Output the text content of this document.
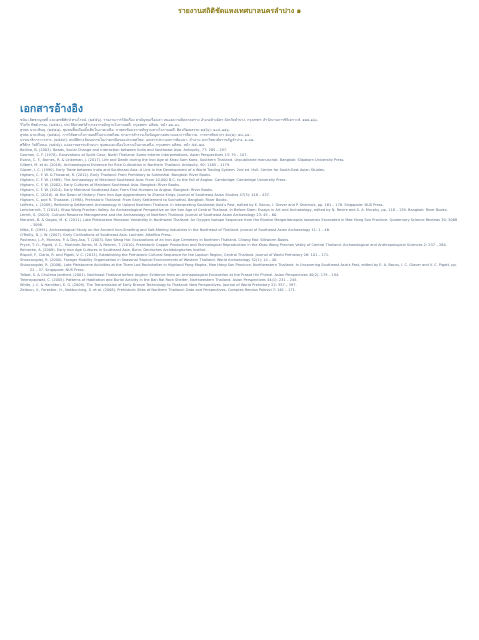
รายงานสถิติชัดแหงเทศบาลนครลำปาง ๑
เอกสารอ้างอิง

ชนัน เลิศชาญฤทธิ์ และเดชพิทักษ์ ทรงโรจน์. (๒๕๕๖). รายงานการวิจัยเรื่อง สามัญชนเรื่องเล่า หนองควายมิคลาดสร่าง อำเภอห้างฉัตร จังหวัดลำปาง. กรุงเทพฯ: สำนักงานการทิวิเคราะห์. ๑๒๒-๑๖๐.

วิไลรัก ทิพย์วรรณ. (๒๕๕๐). ประวัติศาสตร์ลำปางจากหลักฐานโบราณคดี. กรุงเทพฯ: มติชน. หน้า ๑๒–๓๐.

สุรพล นาถะพินธุ. (๒๕๔๗). ชุมชนพื้นเมืองดั้งเดิมในภาคเหนือ: ภาพสะท้อนจากหลักฐานทางโบราณคดี. ศิลปวัฒนธรรม ๒๕(๖): ๑๐๔–๑๑๖.

สุรพล นาถะพินธุ. (๒๕๕๓). การวิจัยทางโบราณคดีในประเทศไทย. ทางการสำรวจเก็บข้อมูลภาคสนามและการตีความ. วารสารศิลปากร ๕๓(๒): ๔๓–๖๔.

บรรณาธิการวารสาร. (๒๕๕๙). สมบัติทางวัฒนธรรมในภาคเหนือของประเทศไทย. เอกสารประกอบการสัมมนา. ลำปาง: มหาวิทยาลัยราชภัฏลำปาง. ๑–๓๒.

ศรีศักร วัลลิโภดม. (๒๕๔๖). แอ่งอารยธรรมล้านนา: ชุมชนและเมืองโบราณในภาคเหนือ. กรุงเทพฯ: มติชน. หน้า ๕๕–๗๘.

Bellina, B. (2003). Beads, Social Change and Interaction between India and Southeast Asia. Antiquity, 77: 285 – 297.

Gorman, C. F. (1970). Excavations at Spirit Cave, North Thailand: Some Interim Interpretations. Asian Perspectives 13: 79 – 107.

Evans, C. F., Barnes, R. & Linkeman, J. (2017). Life and Death during the Iron Age at Khao Sam Kaeo, Southern Thailand. Unpublished manuscript. Bangkok: Silpakorn University Press.

Gilbert, M. et al. (2016). Archaeological Evidence for Rice Cultivation in Northern Thailand. Antiquity, 90: 1165 – 1179.

Glover, I. C. (1990). Early Trade between India and Southeast Asia: A Link in the Development of a World Trading System. 2nd ed. Hull: Centre for South-East Asian Studies.

Higham, C. F. W. & Thosarat, R. (2012). Early Thailand: From Prehistory to Sukhothai. Bangkok: River Books.

Higham, C. F. W. (1989). The Archaeology of Mainland Southeast Asia: From 10,000 B.C. to the Fall of Angkor. Cambridge: Cambridge University Press.

Higham, C. F. W. (2002). Early Cultures of Mainland Southeast Asia. Bangkok: River Books.

Higham, C. F. W. (2014). Early Mainland Southeast Asia: From First Humans to Angkor. Bangkok: River Books.

Higham, C. (2016). At the Dawn of History: From Iron Age Aggrandisers to Zhenla Kings. Journal of Southeast Asian Studies 47(3): 418 – 437.

Higham, C. and R. Thosarat. (1998). Prehistoric Thailand: From Early Settlement to Sukhothai. Bangkok: River Books.

Lefferts, L. (2009). Rethinking Settlement Archaeology in Upland Northern Thailand. In Interpreting Southeast Asia's Past, edited by E. Bacus, I. Glover and P. Sharrock, pp. 161 – 178. Singapore: NUS Press.

Lertcharnrit, T. (2014). Khao Wong Prachan Valley: An Archaeological Perspective on the Iron Age of Central Thailand. In Before Siam: Essays in Art and Archaeology, edited by N. Revire and S. A. Murphy, pp. 118 – 139. Bangkok: River Books.

Lertrit, S. (2003). Cultural Resource Management and the Archaeology of Northern Thailand. Journal of Southeast Asian Archaeology 23: 45 – 60.

Marwick, B. & Gagan, M. K. (2011). Late Pleistocene Monsoon Variability in Northwest Thailand: An Oxygen Isotope Sequence from the Bivalve Margaritanopsis laosensis Excavated in Mae Hong Son Province. Quaternary Science Reviews 30: 3088 – 3098.

Nitta, E. (1991). Archaeological Study on the Ancient Iron-Smelting and Salt-Making Industries in the Northeast of Thailand. Journal of Southeast Asian Archaeology 11: 1 – 46.

O'Reilly, D. J. W. (2007). Early Civilizations of Southeast Asia. Lanham: AltaMira Press.

Pautreau, J.-P., Mornais, P. & Doy-Asa, T. (2003). Ban Wang Hai: Excavations of an Iron Age Cemetery in Northern Thailand. Chiang Mai: Silkworm Books.

Pryce, T. O., Pigott, V. C., Martinón-Torres, M. & Rehren, T. (2010). Prehistoric Copper Production and Technological Reproduction in the Khao Wong Prachan Valley of Central Thailand. Archaeological and Anthropological Sciences 2: 237 – 264.

Reinecke, A. (2009). Early Iron Age Cultures in Southeast Asia. Bonn: Deutsches Archäologisches Institut.

Rispoli, F., Ciarla, R. and Pigott, V. C. (2013). Establishing the Prehistoric Cultural Sequence for the Lopburi Region, Central Thailand. Journal of World Prehistory 26: 101 – 171.

Shoocongdej, R. (2000). Forager Mobility Organization in Seasonal Tropical Environments of Western Thailand. World Archaeology 32(1): 14 – 40.

Shoocongdej, R. (2006). Late Pleistocene Activities at the Tham Lod Rockshelter in Highland Pang Mapha, Mae Hong Son Province, Northwestern Thailand. In Uncovering Southeast Asia's Past, edited by E. A. Bacus, I. C. Glover and V. C. Pigott, pp. 22 – 37. Singapore: NUS Press.

Talbot, S. & Chutima Janthed. (2001). Northeast Thailand before Angkor: Evidence from an Archaeological Excavation at the Prasat Hin Phimai. Asian Perspectives 40(2): 179 – 194.

Treerayapiwat, C. (2005). Patterns of Habitation and Burial Activity in the Ban Rai Rock Shelter, Northwestern Thailand. Asian Perspectives 44(1): 231 – 245.

White, J. C. & Hamilton, E. G. (2009). The Transmission of Early Bronze Technology to Thailand: New Perspectives. Journal of World Prehistory 22: 357 – 397.

Zeitoun, V., Forestier, H., Nakbunlung, S. et al. (2008). Prehistoric Sites of Northern Thailand: Data and Perspectives. Comptes Rendus Palevol 7: 161 – 171.
